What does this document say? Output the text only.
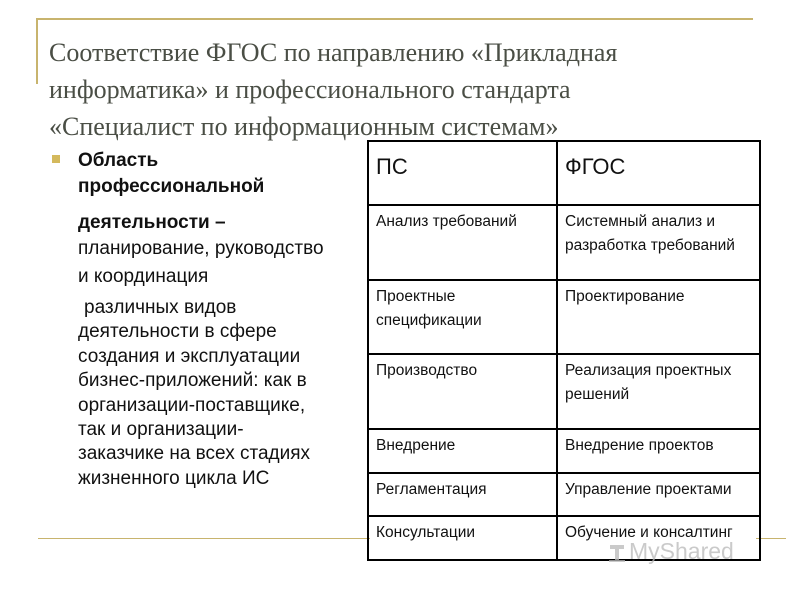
Соответствие ФГОС по направлению «Прикладная
информатика» и профессионального стандарта
«Специалист по информационным системам»
Область
профессиональной
деятельности –
планирование, руководство
и координация
различных видов
деятельности в сфере
создания и эксплуатации
бизнес-приложений: как в
организации-поставщике,
так и организации-
заказчике на всех стадиях
жизненного цикла ИС
ПС	ФГОС
Анализ требований	Системный анализ и разработка требований
Проектные спецификации	Проектирование
Производство	Реализация проектных решений
Внедрение	Внедрение проектов
Регламентация	Управление проектами
Консультации	Обучение и консалтинг
MyShared
